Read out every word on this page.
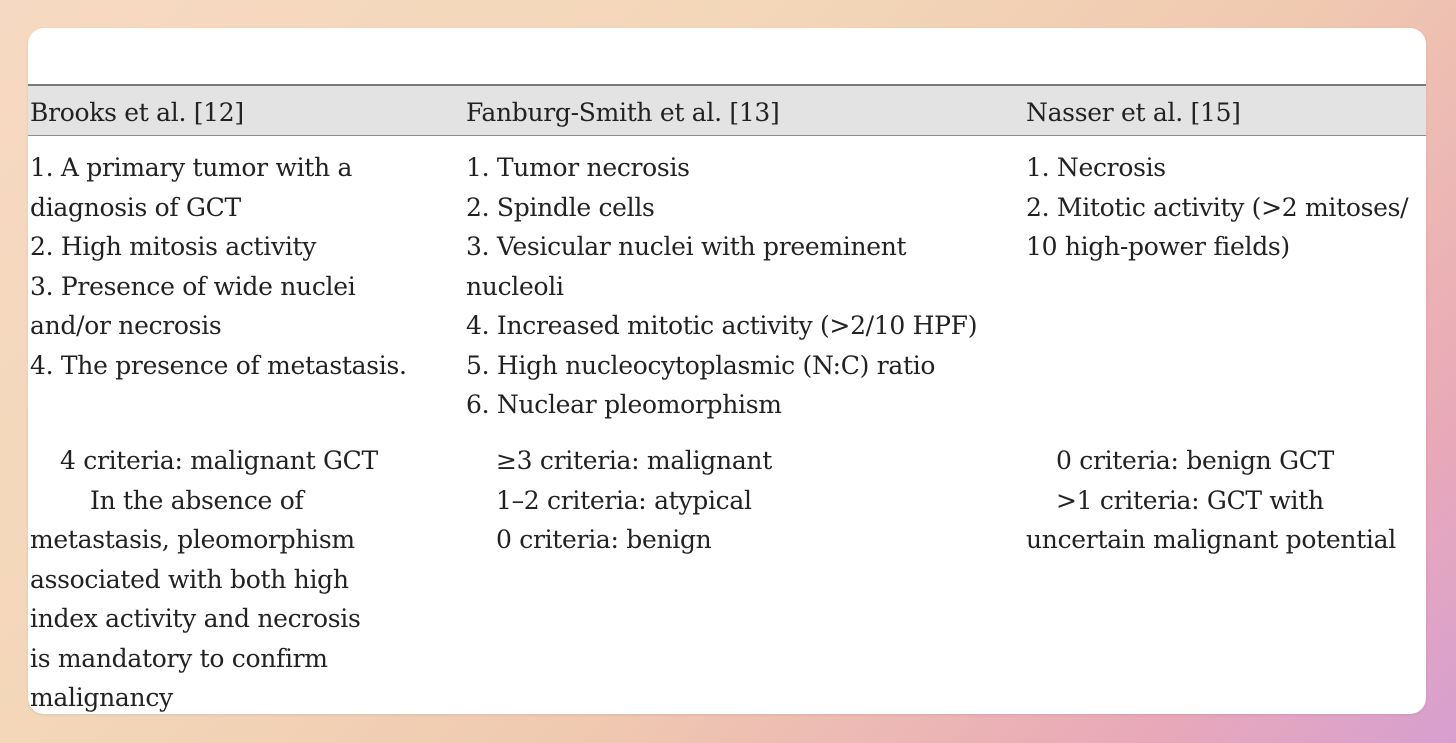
Brooks et al. [12]	Fanburg-Smith et al. [13]	Nasser et al. [15]
1. A primary tumor with a
diagnosis of GCT
2. High mitosis activity
3. Presence of wide nuclei
and/or necrosis
4. The presence of metastasis.
1. Tumor necrosis
2. Spindle cells
3. Vesicular nuclei with preeminent
nucleoli
4. Increased mitotic activity (>2/10 HPF)
5. High nucleocytoplasmic (N:C) ratio
6. Nuclear pleomorphism
1. Necrosis
2. Mitotic activity (>2 mitoses/
10 high-power fields)
4 criteria: malignant GCT
In the absence of
metastasis, pleomorphism
associated with both high
index activity and necrosis
is mandatory to confirm
malignancy
≥3 criteria: malignant
1–2 criteria: atypical
0 criteria: benign
0 criteria: benign GCT
>1 criteria: GCT with
uncertain malignant potential
